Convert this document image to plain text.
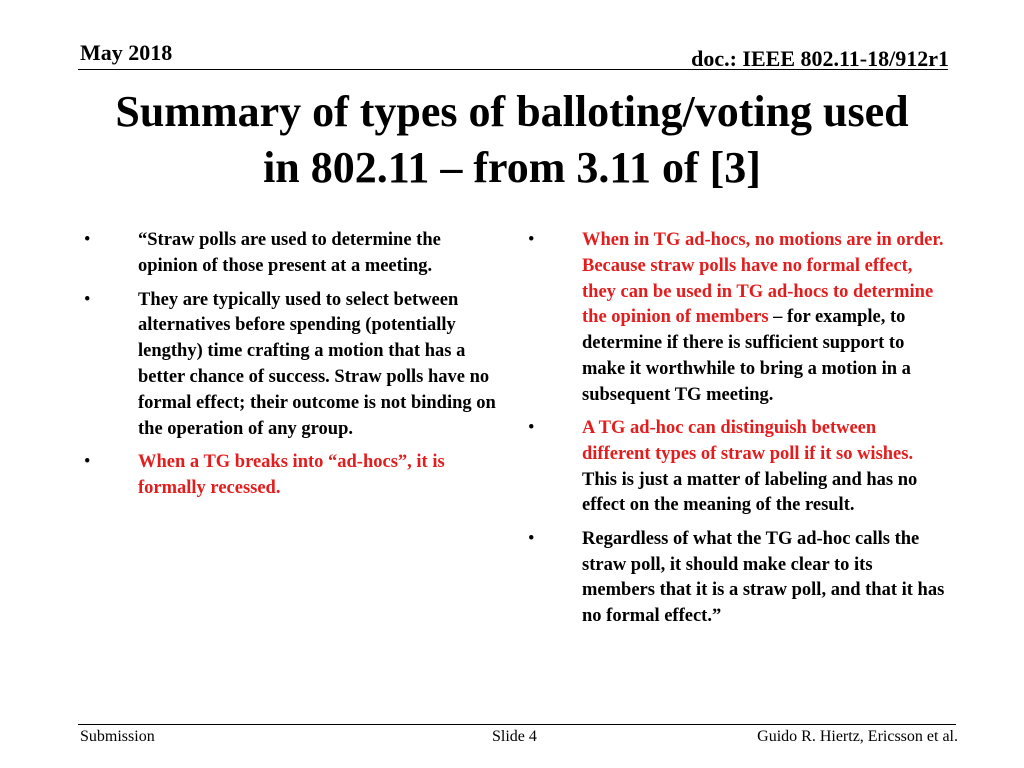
May 2018	doc.: IEEE 802.11-18/912r1
Summary of types of balloting/voting used
in 802.11 – from 3.11 of [3]
•	“Straw polls are used to determine the opinion of those present at a meeting.
•	They are typically used to select between alternatives before spending (potentially lengthy) time crafting a motion that has a better chance of success. Straw polls have no formal effect; their outcome is not binding on the operation of any group.
•	When a TG breaks into “ad-hocs”, it is formally recessed.
•	When in TG ad-hocs, no motions are in order. Because straw polls have no formal effect, they can be used in TG ad-hocs to determine the opinion of members – for example, to determine if there is sufficient support to make it worthwhile to bring a motion in a subsequent TG meeting.
•	A TG ad-hoc can distinguish between different types of straw poll if it so wishes. This is just a matter of labeling and has no effect on the meaning of the result.
•	Regardless of what the TG ad-hoc calls the straw poll, it should make clear to its members that it is a straw poll, and that it has no formal effect.”
Submission	Slide 4	Guido R. Hiertz, Ericsson et al.
